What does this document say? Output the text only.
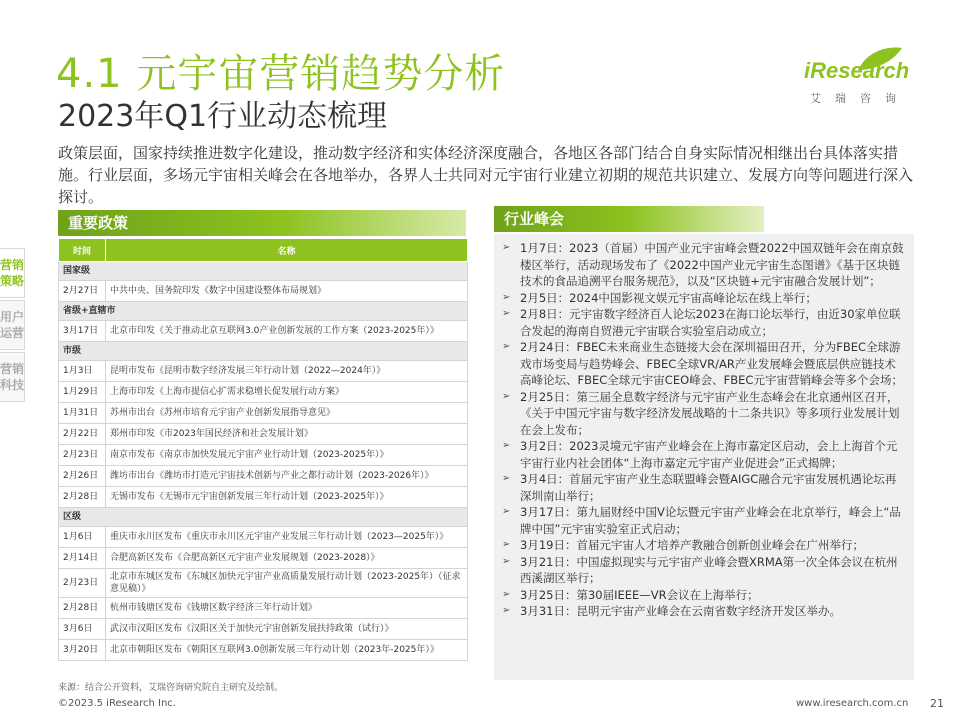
4.1 元宇宙营销趋势分析
2023年Q1行业动态梳理
iResearch
艾瑞咨询

政策层面，国家持续推进数字化建设，推动数字经济和实体经济深度融合，各地区各部门结合自身实际情况相继出台具体落实措施。行业层面，多场元宇宙相关峰会在各地举办，各界人士共同对元宇宙行业建立初期的规范共识建立、发展方向等问题进行深入探讨。

营销策略
用户运营
营销科技
重要政策
时间	名称
国家级	
2月27日	中共中央、国务院印发《数字中国建设整体布局规划》
省级+直辖市	
3月17日	北京市印发《关于推动北京互联网3.0产业创新发展的工作方案（2023-2025年）》
市级	
1月3日	昆明市发布《昆明市数字经济发展三年行动计划（2022—2024年）》
1月29日	上海市印发《上海市提信心扩需求稳增长促发展行动方案》
1月31日	苏州市出台《苏州市培育元宇宙产业创新发展指导意见》
2月22日	郑州市印发《市2023年国民经济和社会发展计划》
2月23日	南京市发布《南京市加快发展元宇宙产业行动计划（2023-2025年）》
2月26日	潍坊市出台《潍坊市打造元宇宙技术创新与产业之都行动计划（2023-2026年）》
2月28日	无锡市发布《无锡市元宇宙创新发展三年行动计划（2023-2025年）》
区级	
1月6日	重庆市永川区发布《重庆市永川区元宇宙产业发展三年行动计划（2023—2025年）》
2月14日	合肥高新区发布《合肥高新区元宇宙产业发展规划（2023-2028）》
2月23日	北京市东城区发布《东城区加快元宇宙产业高质量发展行动计划（2023-2025年）（征求意见稿）》
2月28日	杭州市钱塘区发布《钱塘区数字经济三年行动计划》
3月6日	武汉市汉阳区发布《汉阳区关于加快元宇宙创新发展扶持政策（试行）》
3月20日	北京市朝阳区发布《朝阳区互联网3.0创新发展三年行动计划（2023年-2025年）》
来源：结合公开资料，艾瑞咨询研究院自主研究及绘制。
行业峰会
➢ 1月7日：2023（首届）中国产业元宇宙峰会暨2022中国双链年会在南京鼓楼区举行，活动现场发布了《2022中国产业元宇宙生态图谱》《基于区块链技术的食品追溯平台服务规范》，以及“区块链+元宇宙融合发展计划”；
➢ 2月5日：2024中国影视文娱元宇宙高峰论坛在线上举行；
➢ 2月8日：元宇宙数字经济百人论坛2023在海口论坛举行，由近30家单位联合发起的海南自贸港元宇宙联合实验室启动成立；
➢ 2月24日：FBEC未来商业生态链接大会在深圳福田召开，分为FBEC全球游戏市场变局与趋势峰会、FBEC全球VR/AR产业发展峰会暨底层供应链技术高峰论坛、FBEC全球元宇宙CEO峰会、FBEC元宇宙营销峰会等多个会场；
➢ 2月25日：第三届全息数字经济与元宇宙产业生态峰会在北京通州区召开，《关于中国元宇宙与数字经济发展战略的十二条共识》等多项行业发展计划在会上发布；
➢ 3月2日：2023灵境元宇宙产业峰会在上海市嘉定区启动，会上上海首个元宇宙行业内社会团体“上海市嘉定元宇宙产业促进会”正式揭牌；
➢ 3月4日：首届元宇宙产业生态联盟峰会暨AIGC融合元宇宙发展机遇论坛再深圳南山举行；
➢ 3月17日：第九届财经中国V论坛暨元宇宙产业峰会在北京举行，峰会上“品牌中国”元宇宙实验室正式启动；
➢ 3月19日：首届元宇宙人才培养产教融合创新创业峰会在广州举行；
➢ 3月21日：中国虚拟现实与元宇宙产业峰会暨XRMA第一次全体会议在杭州西溪湖区举行；
➢ 3月25日：第30届IEEE—VR会议在上海举行；
➢ 3月31日：昆明元宇宙产业峰会在云南省数字经济开发区举办。
©2023.5 iResearch Inc.	www.iresearch.com.cn 21
